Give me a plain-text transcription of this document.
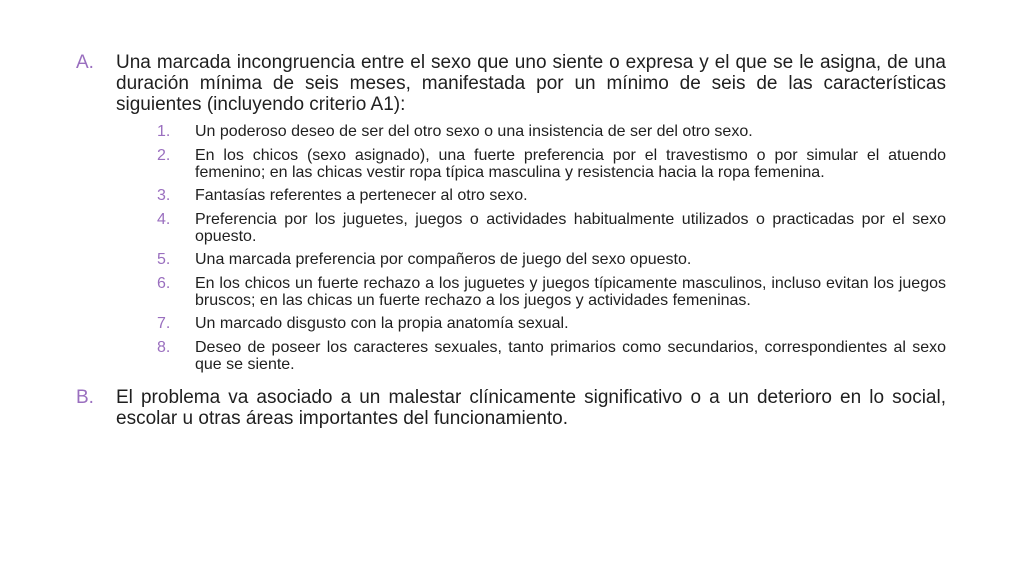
A.	Una marcada incongruencia entre el sexo que uno siente o expresa y el que se le asigna, de una duración mínima de seis meses, manifestada por un mínimo de seis de las características siguientes (incluyendo criterio A1):
1.	Un poderoso deseo de ser del otro sexo o una insistencia de ser del otro sexo.
2.	En los chicos (sexo asignado), una fuerte preferencia por el travestismo o por simular el atuendo femenino; en las chicas vestir ropa típica masculina y resistencia hacia la ropa femenina.
3.	Fantasías referentes a pertenecer al otro sexo.
4.	Preferencia por los juguetes, juegos o actividades habitualmente utilizados o practicadas por el sexo opuesto.
5.	Una marcada preferencia por compañeros de juego del sexo opuesto.
6.	En los chicos un fuerte rechazo a los juguetes y juegos típicamente masculinos, incluso evitan los juegos bruscos; en las chicas un fuerte rechazo a los juegos y actividades femeninas.
7.	Un marcado disgusto con la propia anatomía sexual.
8.	Deseo de poseer los caracteres sexuales, tanto primarios como secundarios, correspondientes al sexo que se siente.
B.	El problema va asociado a un malestar clínicamente significativo o a un deterioro en lo social, escolar u otras áreas importantes del funcionamiento.
